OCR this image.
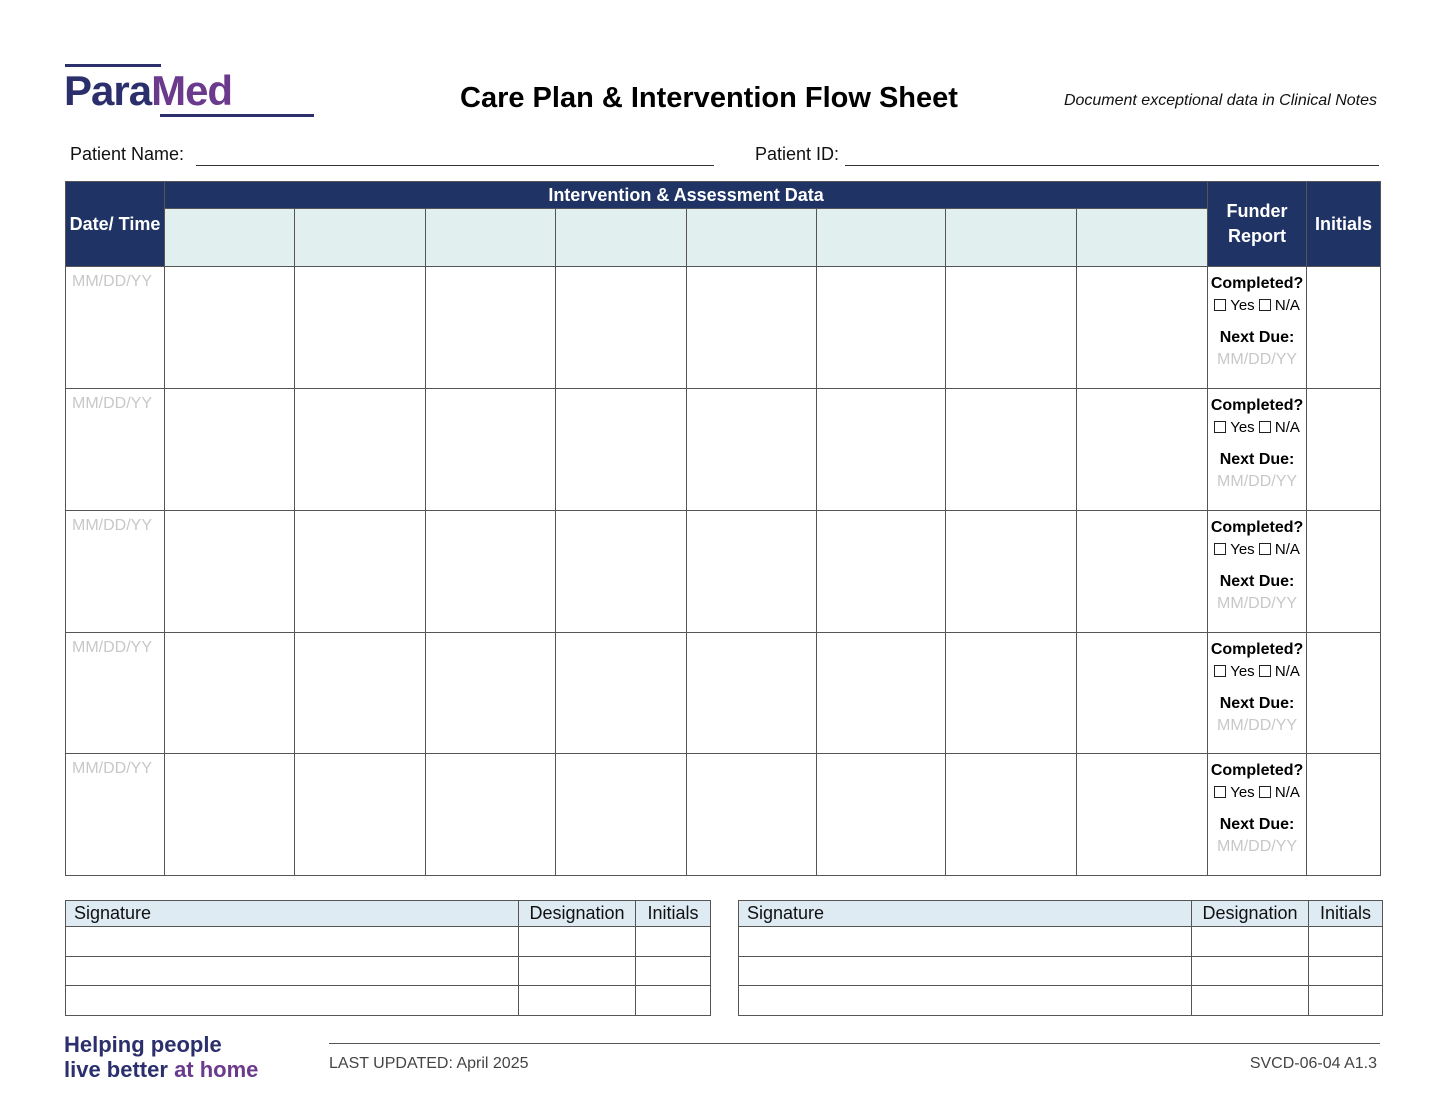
ParaMed	Care Plan & Intervention Flow Sheet	Document exceptional data in Clinical Notes
Patient Name:	Patient ID:
Date/ Time	Intervention & Assessment Data								Funder Report	Initials

MM/DD/YY									Completed?
Yes N/A
Next Due:
MM/DD/YY	

MM/DD/YY									Completed?
Yes N/A
Next Due:
MM/DD/YY	

MM/DD/YY									Completed?
Yes N/A
Next Due:
MM/DD/YY	

MM/DD/YY									Completed?
Yes N/A
Next Due:
MM/DD/YY	

MM/DD/YY									Completed?
Yes N/A
Next Due:
MM/DD/YY	

Signature	Designation	Initials

			Signature	Designation	Initials

Helping people
live better at home	LAST UPDATED: April 2025	SVCD-06-04 A1.3
